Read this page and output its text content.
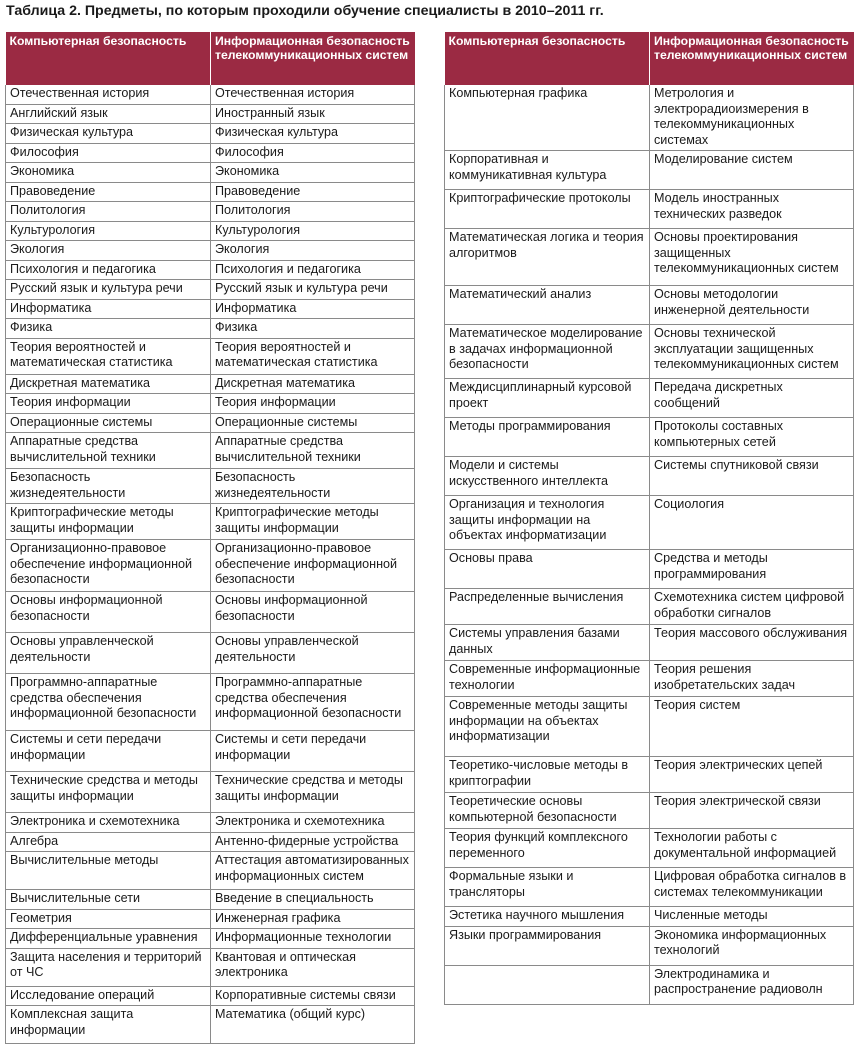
Таблица 2. Предметы, по которым проходили обучение специалисты в 2010–2011 гг.
Компьютерная безопасность	Информационная безопасность телекоммуникационных систем
Отечественная история	Отечественная история
Английский язык	Иностранный язык
Физическая культура	Физическая культура
Философия	Философия
Экономика	Экономика
Правоведение	Правоведение
Политология	Политология
Культурология	Культурология
Экология	Экология
Психология и педагогика	Психология и педагогика
Русский язык и культура речи	Русский язык и культура речи
Информатика	Информатика
Физика	Физика
Теория вероятностей и математическая статистика	Теория вероятностей и математическая статистика
Дискретная математика	Дискретная математика
Теория информации	Теория информации
Операционные системы	Операционные системы
Аппаратные средства вычислительной техники	Аппаратные средства вычислительной техники
Безопасность жизнедеятельности	Безопасность жизнедеятельности
Криптографические методы защиты информации	Криптографические методы защиты информации
Организационно-правовое обеспечение информационной безопасности	Организационно-правовое обеспечение информационной безопасности
Основы информационной безопасности	Основы информационной безопасности
Основы управленческой деятельности	Основы управленческой деятельности
Программно-аппаратные средства обеспечения информационной безопасности	Программно-аппаратные средства обеспечения информационной безопасности
Системы и сети передачи информации	Системы и сети передачи информации
Технические средства и методы защиты информации	Технические средства и методы защиты информации
Электроника и схемотехника	Электроника и схемотехника
Алгебра	Антенно-фидерные устройства
Вычислительные методы	Аттестация автоматизированных информационных систем
Вычислительные сети	Введение в специальность
Геометрия	Инженерная графика
Дифференциальные уравнения	Информационные технологии
Защита населения и территорий от ЧС	Квантовая и оптическая электроника
Исследование операций	Корпоративные системы связи
Комплексная защита информации	Математика (общий курс)
Компьютерная безопасность	Информационная безопасность телекоммуникационных систем
Компьютерная графика	Метрология и электрорадиоизмерения в телекоммуникационных системах
Корпоративная и коммуникативная культура	Моделирование систем
Криптографические протоколы	Модель иностранных технических разведок
Математическая логика и теория алгоритмов	Основы проектирования защищенных телекоммуникационных систем
Математический анализ	Основы методологии инженерной деятельности
Математическое моделирование в задачах информационной безопасности	Основы технической эксплуатации защищенных телекоммуникационных систем
Междисциплинарный курсовой проект	Передача дискретных сообщений
Методы программирования	Протоколы составных компьютерных сетей
Модели и системы искусственного интеллекта	Системы спутниковой связи
Организация и технология защиты информации на объектах информатизации	Социология
Основы права	Средства и методы программирования
Распределенные вычисления	Схемотехника систем цифровой обработки сигналов
Системы управления базами данных	Теория массового обслуживания
Современные информационные технологии	Теория решения изобретательских задач
Современные методы защиты информации на объектах информатизации	Теория систем
Теоретико-числовые методы в криптографии	Теория электрических цепей
Теоретические основы компьютерной безопасности	Теория электрической связи
Теория функций комплексного переменного	Технологии работы с документальной информацией
Формальные языки и трансляторы	Цифровая обработка сигналов в системах телекоммуникации
Эстетика научного мышления	Численные методы
Языки программирования	Экономика информационных технологий
	Электродинамика и распространение радиоволн
